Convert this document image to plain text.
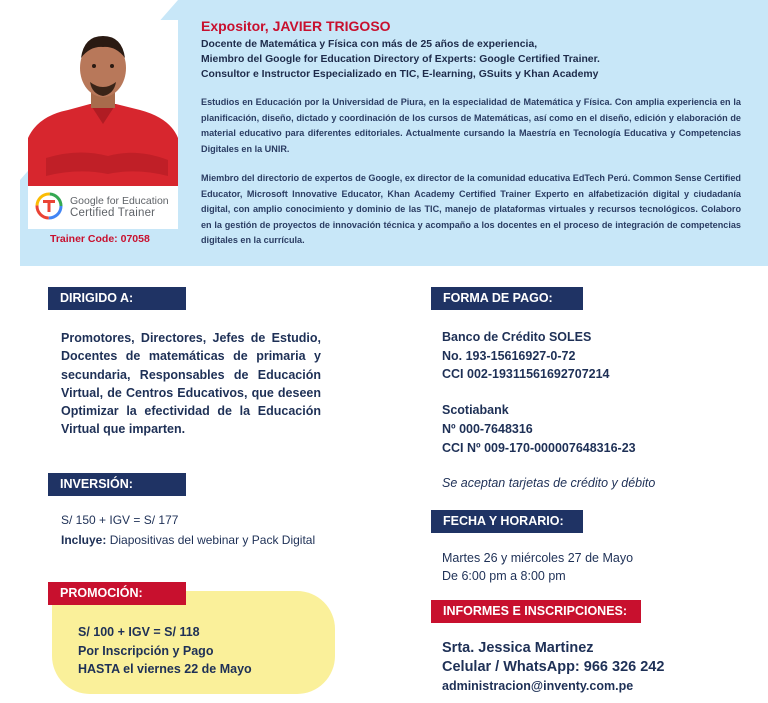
Google for Education
Certified Trainer
Trainer Code: 07058
Expositor, JAVIER TRIGOSO
Docente de Matemática y Física con más de 25 años de experiencia,
Miembro del Google for Education Directory of Experts: Google Certified Trainer.
Consultor e Instructor Especializado en TIC, E-learning, GSuits y Khan Academy
Estudios en Educación por la Universidad de Piura, en la especialidad de Matemática y Física. Con amplia experiencia en la planificación, diseño, dictado y coordinación de los cursos de Matemáticas, así como en el diseño, edición y elaboración de material educativo para diferentes editoriales. Actualmente cursando la Maestría en Tecnología Educativa y Competencias Digitales en la UNIR.
Miembro del directorio de expertos de Google, ex director de la comunidad educativa EdTech Perú. Common Sense Certified Educator, Microsoft Innovative Educator, Khan Academy Certified Trainer Experto en alfabetización digital y ciudadanía digital, con amplio conocimiento y dominio de las TIC, manejo de plataformas virtuales y recursos tecnológicos. Colaboro en la gestión de proyectos de innovación técnica y acompaño a los docentes en el proceso de integración de competencias digitales en la currícula.
DIRIGIDO A:
Promotores, Directores, Jefes de Estudio, Docentes de matemáticas de primaria y secundaria, Responsables de Educación Virtual, de Centros Educativos, que deseen Optimizar la efectividad de la Educación Virtual que imparten.
INVERSIÓN:
S/ 150 + IGV = S/ 177
Incluye: Diapositivas del webinar y Pack Digital
PROMOCIÓN:
S/ 100 + IGV = S/ 118
Por Inscripción y Pago
HASTA el viernes 22 de Mayo
FORMA DE PAGO:
Banco de Crédito SOLES
No. 193-15616927-0-72
CCI 002-19311561692707214
Scotiabank
Nº 000-7648316
CCI Nº 009-170-000007648316-23
Se aceptan tarjetas de crédito y débito
FECHA Y HORARIO:
Martes 26 y miércoles 27 de Mayo
De 6:00 pm a 8:00 pm
INFORMES E INSCRIPCIONES:
Srta. Jessica Martinez
Celular / WhatsApp: 966 326 242
administracion@inventy.com.pe
